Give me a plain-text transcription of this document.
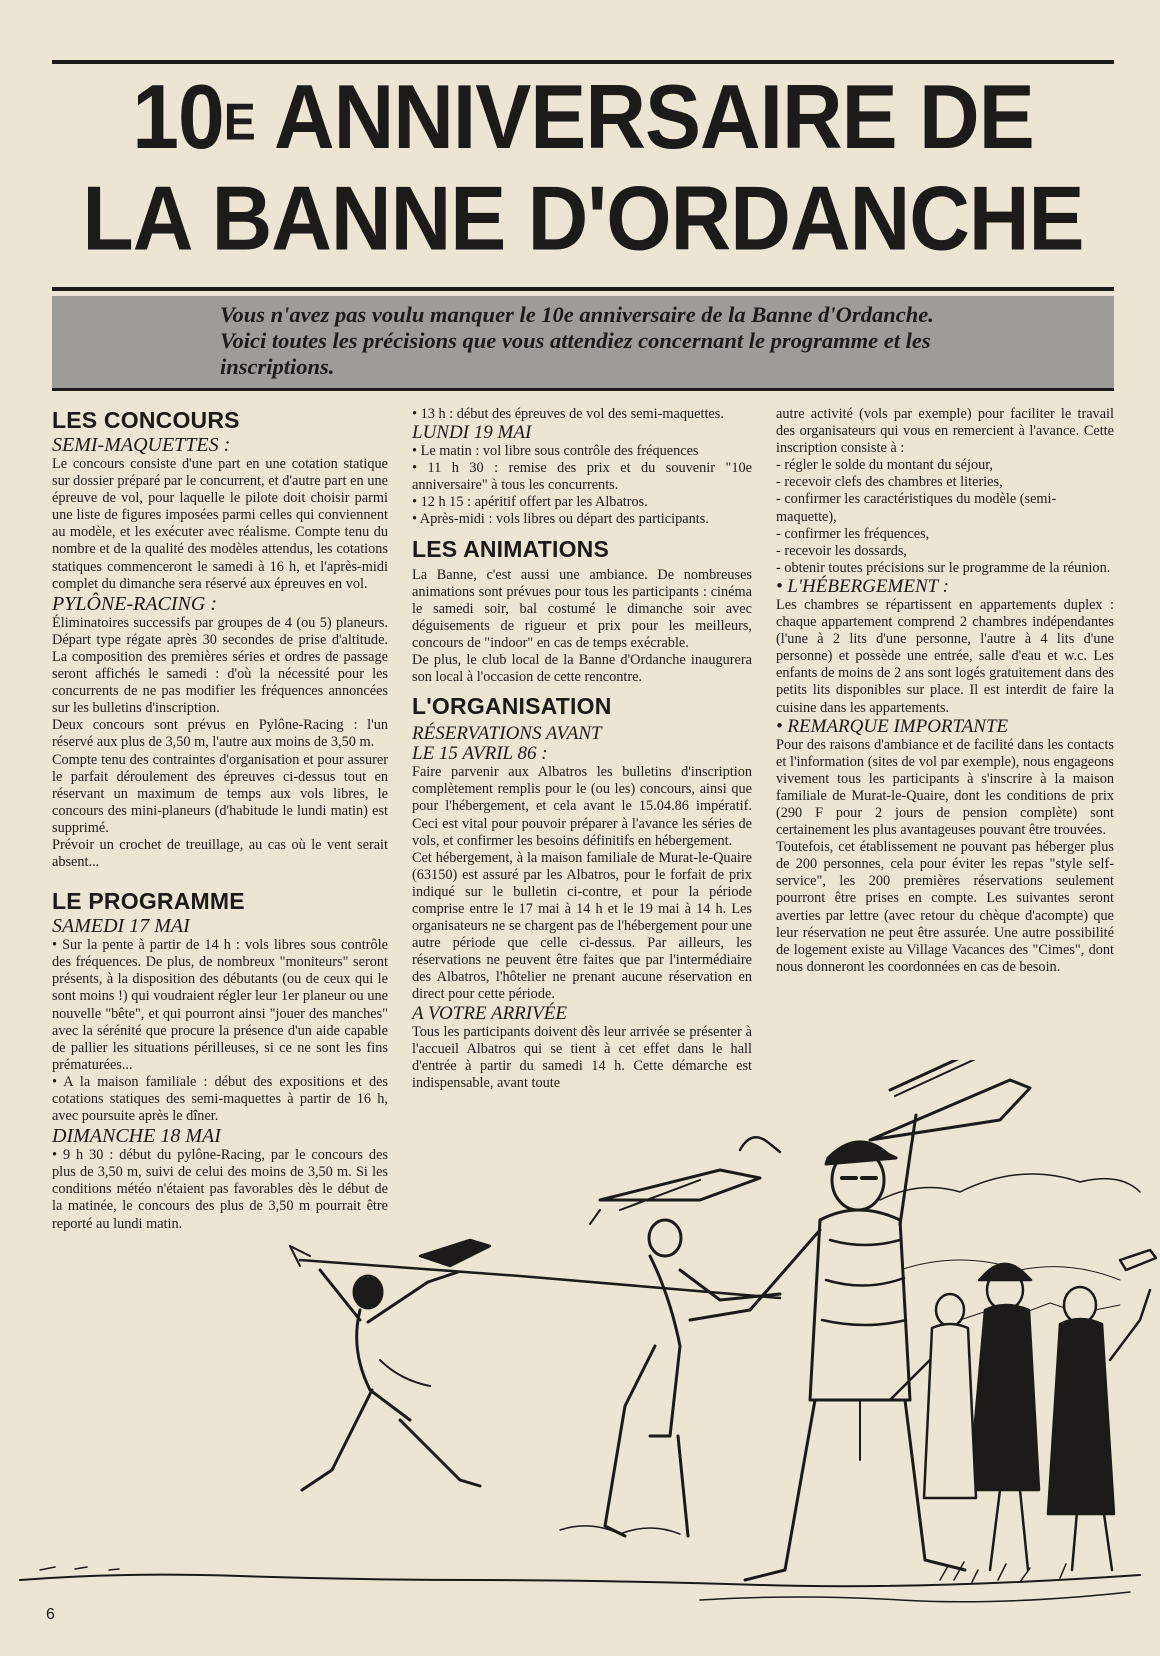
$10^E$ ANNIVERSAIRE DE
LA BANNE D'ORDANCHE
Vous n'avez pas voulu manquer le 10e anniversaire de la Banne d'Ordanche. Voici toutes les précisions que vous attendiez concernant le programme et les inscriptions.
LES CONCOURS
SEMI-MAQUETTES :

Le concours consiste d'une part en une cotation statique sur dossier préparé par le concurrent, et d'autre part en une épreuve de vol, pour laquelle le pilote doit choisir parmi une liste de figures imposées parmi celles qui conviennent au modèle, et les exécuter avec réalisme. Compte tenu du nombre et de la qualité des modèles attendus, les cotations statiques commenceront le samedi à 16 h, et l'après-midi complet du dimanche sera réservé aux épreuves en vol.

PYLÔNE-RACING :

Éliminatoires successifs par groupes de 4 (ou 5) planeurs. Départ type régate après 30 secondes de prise d'altitude. La composition des premières séries et ordres de passage seront affichés le samedi : d'où la nécessité pour les concurrents de ne pas modifier les fréquences annoncées sur les bulletins d'inscription.

Deux concours sont prévus en Pylône-Racing : l'un réservé aux plus de 3,50 m, l'autre aux moins de 3,50 m.

Compte tenu des contraintes d'organisation et pour assurer le parfait déroulement des épreuves ci-dessus tout en réservant un maximum de temps aux vols libres, le concours des mini-planeurs (d'habitude le lundi matin) est supprimé.

Prévoir un crochet de treuillage, au cas où le vent serait absent...

LE PROGRAMME
SAMEDI 17 MAI

• Sur la pente à partir de 14 h : vols libres sous contrôle des fréquences. De plus, de nombreux "moniteurs" seront présents, à la disposition des débutants (ou de ceux qui le sont moins !) qui voudraient régler leur 1er planeur ou une nouvelle "bête", et qui pourront ainsi "jouer des manches" avec la sérénité que procure la présence d'un aide capable de pallier les situations périlleuses, si ce ne sont les fins prématurées...

• A la maison familiale : début des expositions et des cotations statiques des semi-maquettes à partir de 16 h, avec poursuite après le dîner.

DIMANCHE 18 MAI

• 9 h 30 : début du pylône-Racing, par le concours des plus de 3,50 m, suivi de celui des moins de 3,50 m. Si les conditions météo n'étaient pas favorables dès le début de la matinée, le concours des plus de 3,50 m pourrait être reporté au lundi matin.

• 13 h : début des épreuves de vol des semi-maquettes.

LUNDI 19 MAI

• Le matin : vol libre sous contrôle des fréquences

• 11 h 30 : remise des prix et du souvenir "10e anniversaire" à tous les concurrents.

• 12 h 15 : apéritif offert par les Albatros.

• Après-midi : vols libres ou départ des participants.

LES ANIMATIONS

La Banne, c'est aussi une ambiance. De nombreuses animations sont prévues pour tous les participants : cinéma le samedi soir, bal costumé le dimanche soir avec déguisements de rigueur et prix pour les meilleurs, concours de "indoor" en cas de temps exécrable.

De plus, le club local de la Banne d'Ordanche inaugurera son local à l'occasion de cette rencontre.

L'ORGANISATION
RÉSERVATIONS AVANT
LE 15 AVRIL 86 :

Faire parvenir aux Albatros les bulletins d'inscription complètement remplis pour le (ou les) concours, ainsi que pour l'hébergement, et cela avant le 15.04.86 impératif. Ceci est vital pour pouvoir préparer à l'avance les séries de vols, et confirmer les besoins définitifs en hébergement.

Cet hébergement, à la maison familiale de Murat-le-Quaire (63150) est assuré par les Albatros, pour le forfait de prix indiqué sur le bulletin ci-contre, et pour la période comprise entre le 17 mai à 14 h et le 19 mai à 14 h. Les organisateurs ne se chargent pas de l'hébergement pour une autre période que celle ci-dessus. Par ailleurs, les réservations ne peuvent être faites que par l'intermédiaire des Albatros, l'hôtelier ne prenant aucune réservation en direct pour cette période.

A VOTRE ARRIVÉE

Tous les participants doivent dès leur arrivée se présenter à l'accueil Albatros qui se tient à cet effet dans le hall d'entrée à partir du samedi 14 h. Cette démarche est indispensable, avant toute

autre activité (vols par exemple) pour faciliter le travail des organisateurs qui vous en remercient à l'avance. Cette inscription consiste à :

- régler le solde du montant du séjour,

- recevoir clefs des chambres et literies,

- confirmer les caractéristiques du modèle (semi-maquette),

- confirmer les fréquences,

- recevoir les dossards,

- obtenir toutes précisions sur le programme de la réunion.

• L'HÉBERGEMENT :

Les chambres se répartissent en appartements duplex : chaque appartement comprend 2 chambres indépendantes (l'une à 2 lits d'une personne, l'autre à 4 lits d'une personne) et possède une entrée, salle d'eau et w.c. Les enfants de moins de 2 ans sont logés gratuitement dans des petits lits disponibles sur place. Il est interdit de faire la cuisine dans les appartements.

• REMARQUE IMPORTANTE

Pour des raisons d'ambiance et de facilité dans les contacts et l'information (sites de vol par exemple), nous engageons vivement tous les participants à s'inscrire à la maison familiale de Murat-le-Quaire, dont les conditions de prix (290 F pour 2 jours de pension complète) sont certainement les plus avantageuses pouvant être trouvées.

Toutefois, cet établissement ne pouvant pas héberger plus de 200 personnes, cela pour éviter les repas "style self-service", les 200 premières réservations seulement pourront être prises en compte. Les suivantes seront averties par lettre (avec retour du chèque d'acompte) que leur réservation ne peut être assurée. Une autre possibilité de logement existe au Village Vacances des "Cimes", dont nous donneront les coordonnées en cas de besoin.

6
